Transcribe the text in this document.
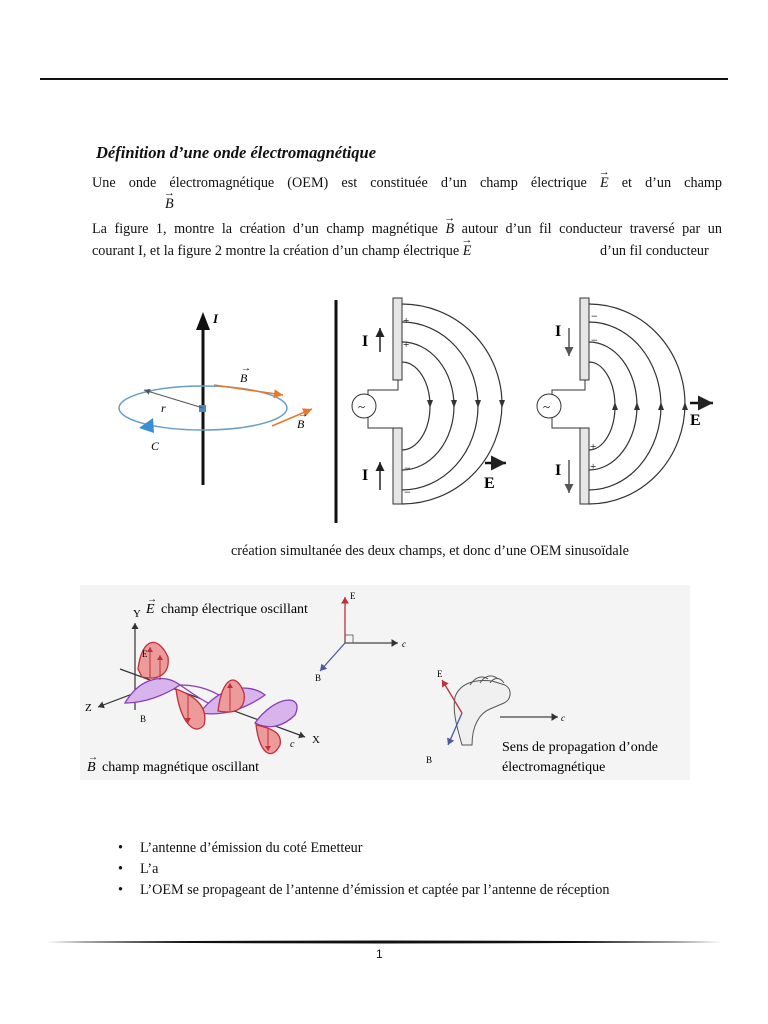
Définition d’une onde électromagnétique
Une onde électromagnétique (OEM) est constituée d’un champ électrique → E et d’un champ
→ B
La figure 1, montre la création d’un champ magnétique → B autour d’un fil conducteur traversé par un
courant I, et la figure 2 montre la création d’un champ électrique → E	d’un fil conducteur
I
r
B
→
B
→
C
~
I
I
+
+
−
−	E
~
I
I
−
−
+
+
E
création simultanée des deux champs, et donc d’une OEM sinusoïdale
Y
Z
X
c
E
B
E
→
champ électrique oscillant
B
→
champ magnétique oscillant
E
c
B
c
E
B
Sens de propagation d’onde
électromagnétique
• L’antenne d’émission du coté Emetteur
• L’a
• L’OEM se propageant de l’antenne d’émission et captée par l’antenne de réception
1
